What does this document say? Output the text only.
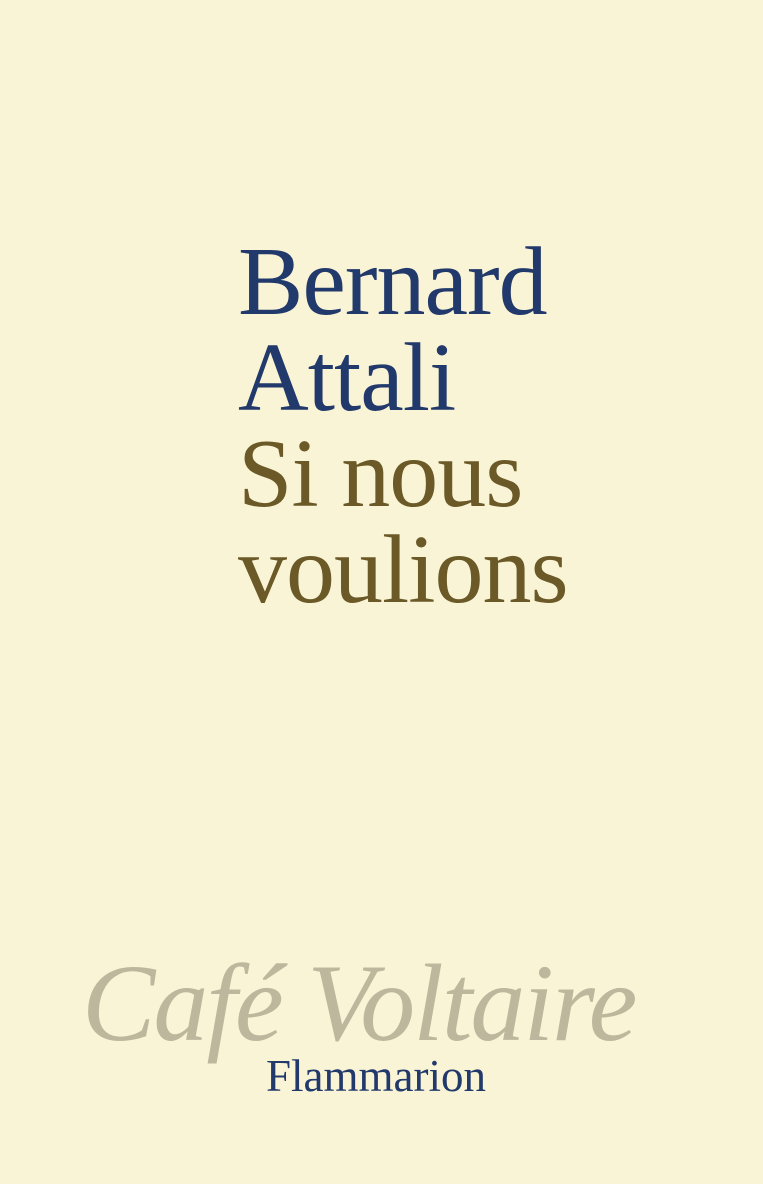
Bernard
Attali
Si nous
voulions
Café Voltaire
Flammarion
